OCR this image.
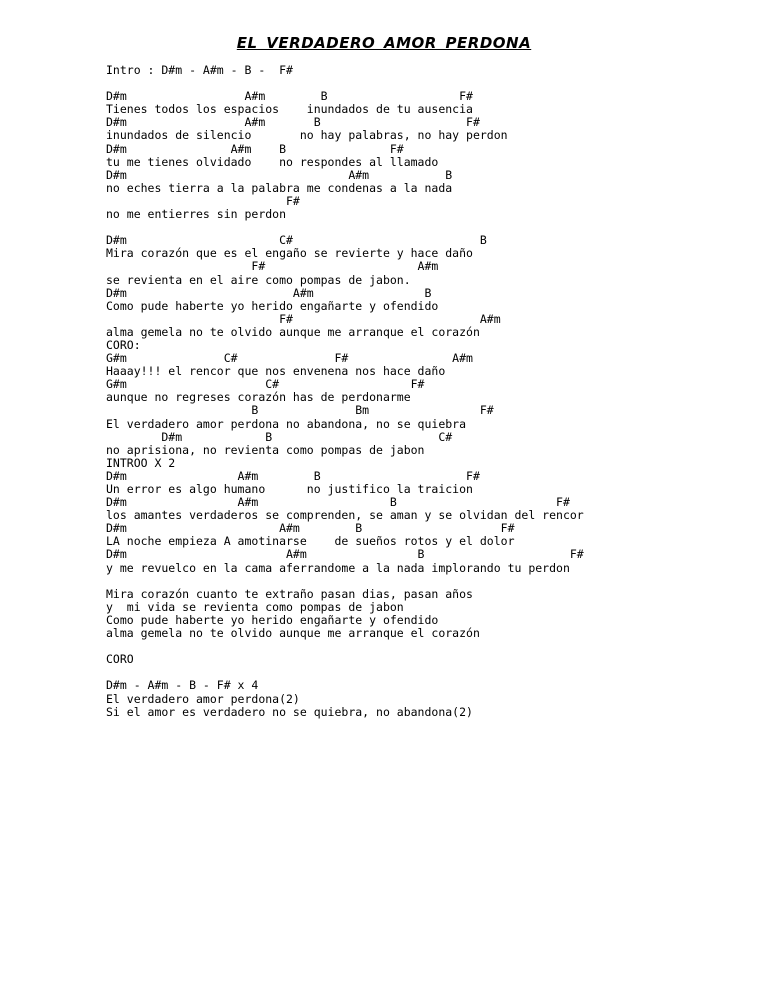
EL VERDADERO AMOR PERDONA
Intro : D#m - A#m - B -  F#
D#m                 A#m        B                   F#
Tienes todos los espacios    inundados de tu ausencia
D#m                 A#m       B                     F#
inundados de silencio       no hay palabras, no hay perdon
D#m               A#m    B               F#
tu me tienes olvidado    no respondes al llamado
D#m                                A#m           B
no eches tierra a la palabra me condenas a la nada
F#
no me entierres sin perdon
D#m                      C#                           B
Mira corazón que es el engaño se revierte y hace daño
F#                      A#m
se revienta en el aire como pompas de jabon.
D#m                        A#m                B
Como pude haberte yo herido engañarte y ofendido
F#                           A#m
alma gemela no te olvido aunque me arranque el corazón
CORO:
G#m              C#              F#               A#m
Haaay!!! el rencor que nos envenena nos hace daño
G#m                    C#                   F#
aunque no regreses corazón has de perdonarme
B              Bm                F#
El verdadero amor perdona no abandona, no se quiebra
D#m            B                        C#
no aprisiona, no revienta como pompas de jabon
INTROO X 2
D#m                A#m        B                     F#
Un error es algo humano      no justifico la traicion
D#m                A#m                   B                       F#
los amantes verdaderos se comprenden, se aman y se olvidan del rencor
D#m                      A#m        B                    F#
LA noche empieza A amotinarse    de sueños rotos y el dolor
D#m                       A#m                B                     F#
y me revuelco en la cama aferrandome a la nada implorando tu perdon
Mira corazón cuanto te extraño pasan dias, pasan años
y  mi vida se revienta como pompas de jabon
Como pude haberte yo herido engañarte y ofendido
alma gemela no te olvido aunque me arranque el corazón
CORO
D#m - A#m - B - F# x 4
El verdadero amor perdona(2)
Si el amor es verdadero no se quiebra, no abandona(2)
